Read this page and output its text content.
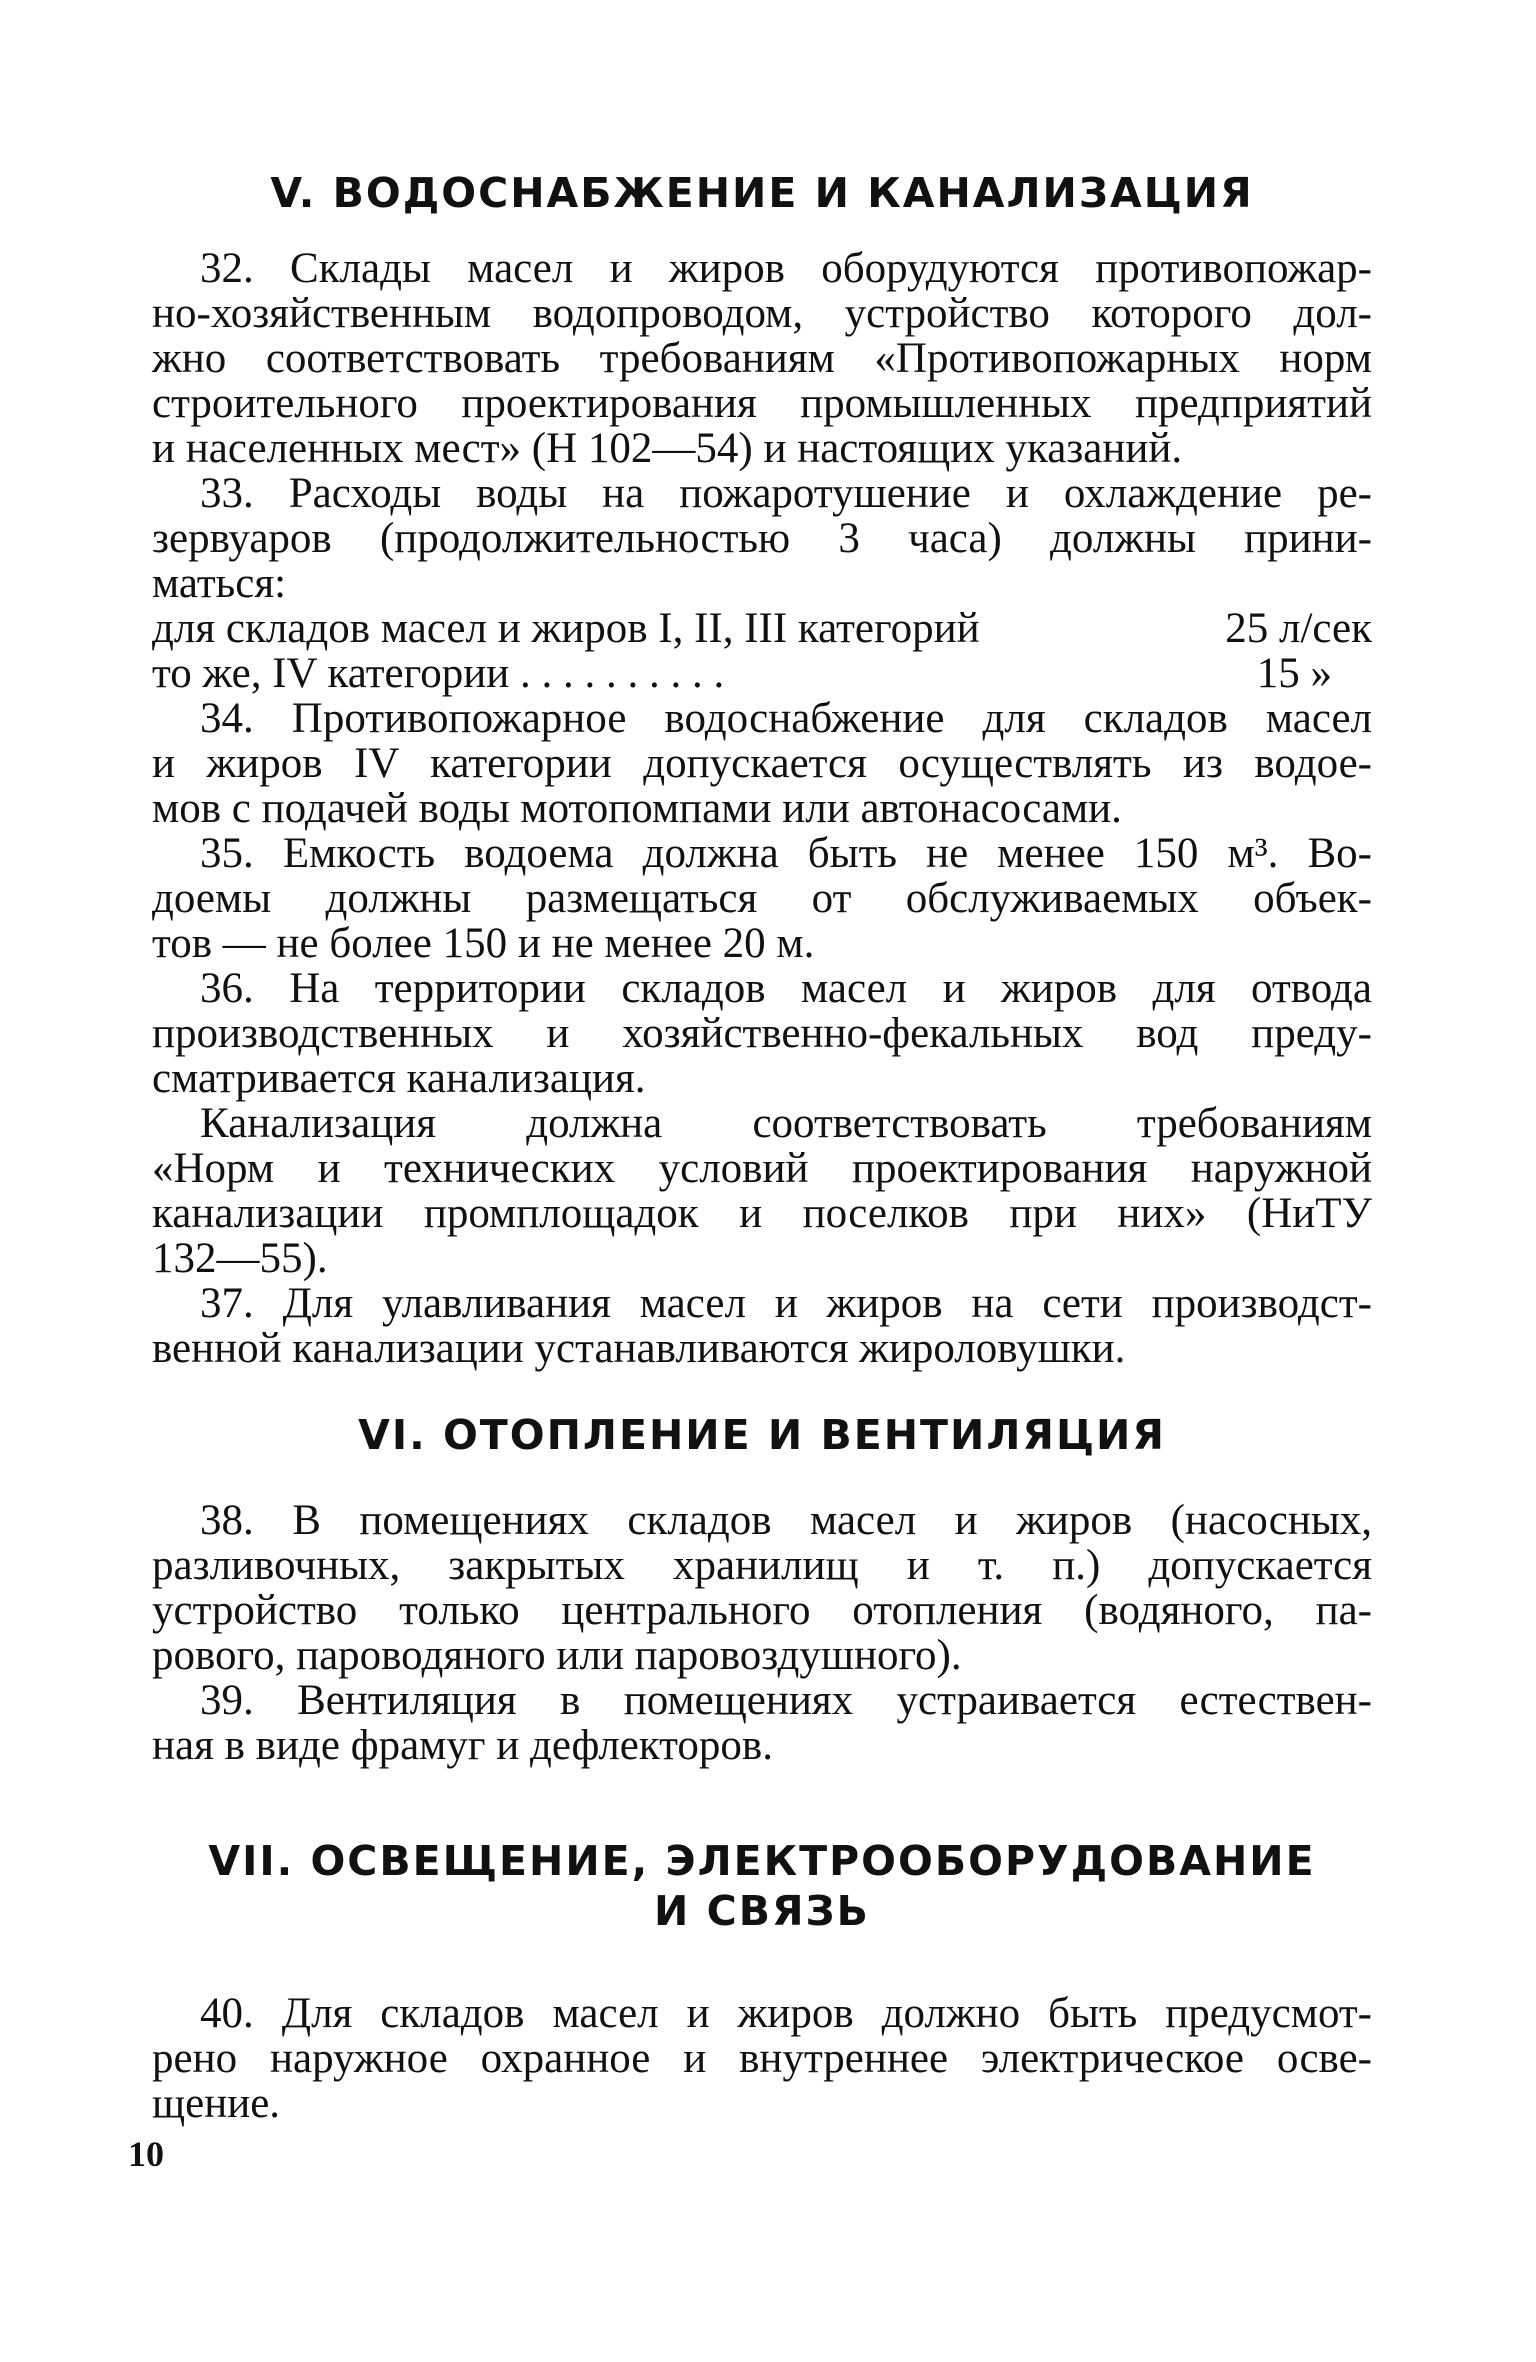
V. ВОДОСНАБЖЕНИЕ И КАНАЛИЗАЦИЯ
32. Склады масел и жиров оборудуются противопожар-
но-хозяйственным водопроводом, устройство которого дол-
жно соответствовать требованиям «Противопожарных норм
строительного проектирования промышленных предприятий
и населенных мест» (Н 102—54) и настоящих указаний.
33. Расходы воды на пожаротушение и охлаждение ре-
зервуаров (продолжительностью 3 часа) должны прини-
маться:
для складов масел и жиров I, II, III категорий	25 л/сек
то же, IV категории . . . . . . . . . .	15 »
34. Противопожарное водоснабжение для складов масел
и жиров IV категории допускается осуществлять из водое-
мов с подачей воды мотопомпами или автонасосами.
35. Емкость водоема должна быть не менее 150 м³. Во-
доемы должны размещаться от обслуживаемых объек-
тов — не более 150 и не менее 20 м.
36. На территории складов масел и жиров для отвода
производственных и хозяйственно-фекальных вод преду-
сматривается канализация.
Канализация должна соответствовать требованиям
«Норм и технических условий проектирования наружной
канализации промплощадок и поселков при них» (НиТУ
132—55).
37. Для улавливания масел и жиров на сети производст-
венной канализации устанавливаются жироловушки.
VI. ОТОПЛЕНИЕ И ВЕНТИЛЯЦИЯ
38. В помещениях складов масел и жиров (насосных,
разливочных, закрытых хранилищ и т. п.) допускается
устройство только центрального отопления (водяного, па-
рового, пароводяного или паровоздушного).
39. Вентиляция в помещениях устраивается естествен-
ная в виде фрамуг и дефлекторов.
VII. ОСВЕЩЕНИЕ, ЭЛЕКТРООБОРУДОВАНИЕ
И СВЯЗЬ
40. Для складов масел и жиров должно быть предусмот-
рено наружное охранное и внутреннее электрическое осве-
щение.
10
